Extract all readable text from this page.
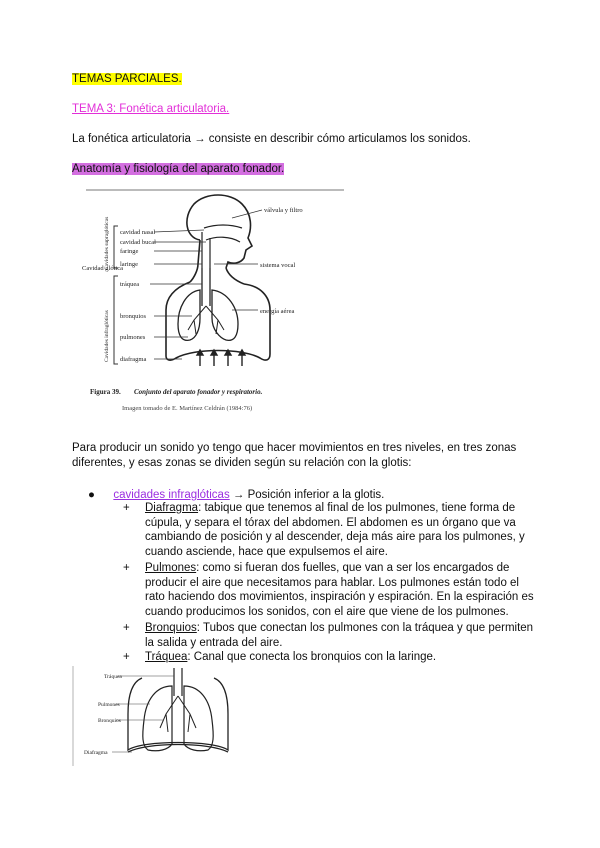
TEMAS PARCIALES.
TEMA 3: Fonética articulatoria.
La fonética articulatoria → consiste en describir cómo articulamos los sonidos.
Anatomía y fisiología del aparato fonador.
cavidad nasal
cavidad bucal
faringe
laringe
Cavidad glótica
tráquea
bronquios
pulmones
diafragma
válvula y filtro
sistema vocal
energía aérea
Cavidades supraglóticas
Cavidades infraglóticas
Figura 39. Conjunto del aparato fonador y respiratorio.
Imagen tomado de E. Martínez Celdrán (1984:76)
Para producir un sonido yo tengo que hacer movimientos en tres niveles, en tres zonas diferentes, y esas zonas se dividen según su relación con la glotis:
● cavidades infraglóticas → Posición inferior a la glotis.
+ Diafragma: tabique que tenemos al final de los pulmones, tiene forma de
cúpula, y separa el tórax del abdomen. El abdomen es un órgano que va
cambiando de posición y al descender, deja más aire para los pulmones, y
cuando asciende, hace que expulsemos el aire.
+ Pulmones: como si fueran dos fuelles, que van a ser los encargados de
producir el aire que necesitamos para hablar. Los pulmones están todo el
rato haciendo dos movimientos, inspiración y espiración. En la espiración es
cuando producimos los sonidos, con el aire que viene de los pulmones.
+ Bronquios: Tubos que conectan los pulmones con la tráquea y que permiten
la salida y entrada del aire.
+ Tráquea: Canal que conecta los bronquios con la laringe.
Tráquea
Pulmones
Bronquios
Diafragma
